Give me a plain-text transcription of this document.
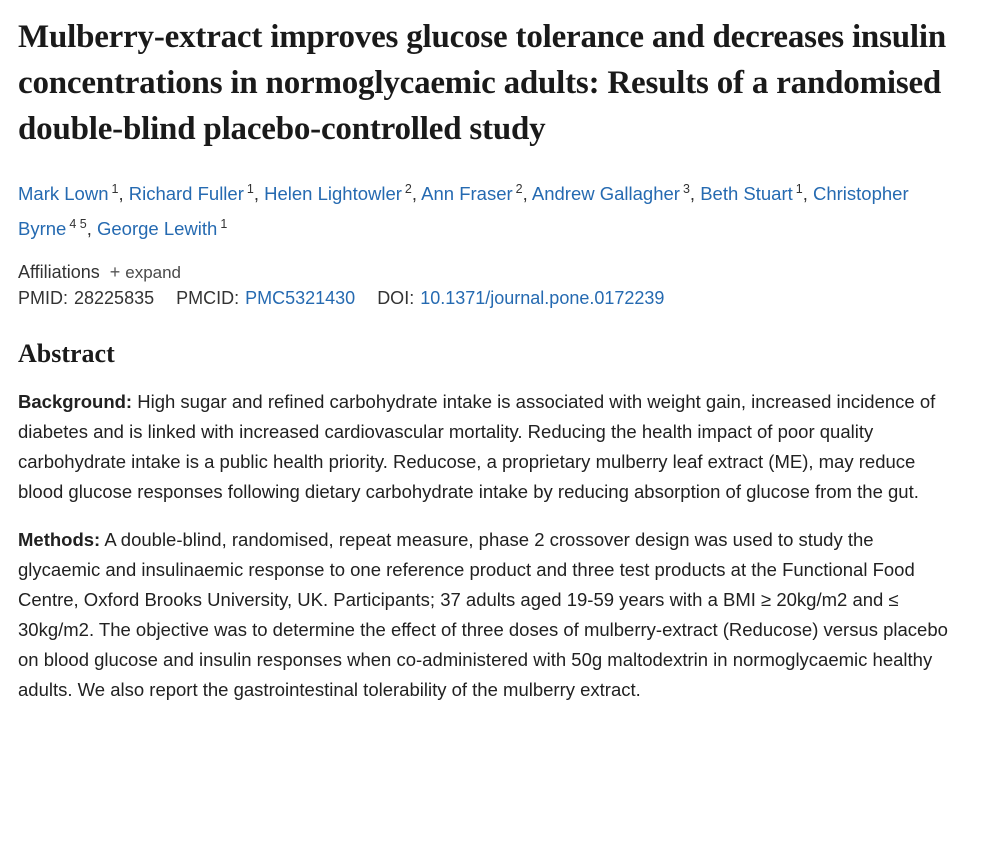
Mulberry-extract improves glucose tolerance and decreases insulin concentrations in normoglycaemic adults: Results of a randomised double-blind placebo-controlled study
Mark Lown $^1$, Richard Fuller $^1$, Helen Lightowler $^2$, Ann Fraser $^2$, Andrew Gallagher $^3$, Beth Stuart $^1$, Christopher Byrne $^{4 5}$, George Lewith $^1$
Affiliations + expand
PMID: 28225835 PMCID: PMC5321430 DOI: 10.1371/journal.pone.0172239
Abstract

Background: High sugar and refined carbohydrate intake is associated with weight gain, increased incidence of diabetes and is linked with increased cardiovascular mortality. Reducing the health impact of poor quality carbohydrate intake is a public health priority. Reducose, a proprietary mulberry leaf extract (ME), may reduce blood glucose responses following dietary carbohydrate intake by reducing absorption of glucose from the gut.

Methods: A double-blind, randomised, repeat measure, phase 2 crossover design was used to study the glycaemic and insulinaemic response to one reference product and three test products at the Functional Food Centre, Oxford Brooks University, UK. Participants; 37 adults aged 19-59 years with a BMI ≥ 20kg/m2 and ≤ 30kg/m2. The objective was to determine the effect of three doses of mulberry-extract (Reducose) versus placebo on blood glucose and insulin responses when co-administered with 50g maltodextrin in normoglycaemic healthy adults. We also report the gastrointestinal tolerability of the mulberry extract.
